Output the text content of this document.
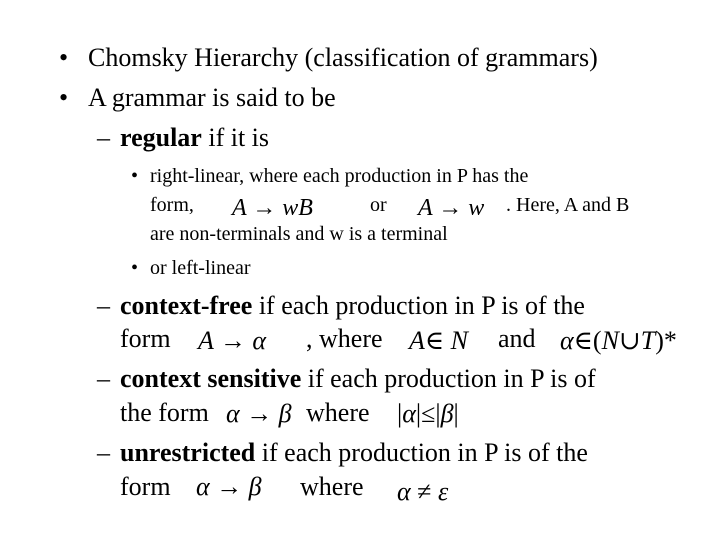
• Chomsky Hierarchy (classification of grammars)
• A grammar is said to be
– regular if it is
• right-linear, where each production in P has the
form, A → wB	or A → w . Here, A and B
are non-terminals and w is a terminal
• or left-linear
– context-free if each production in P is of the
form A → α , where A∈ N and α∈(N∪T)*
– context sensitive if each production in P is of
the form α → β where |α|≤|β|
– unrestricted if each production in P is of the
form α → β where α ≠ ε
